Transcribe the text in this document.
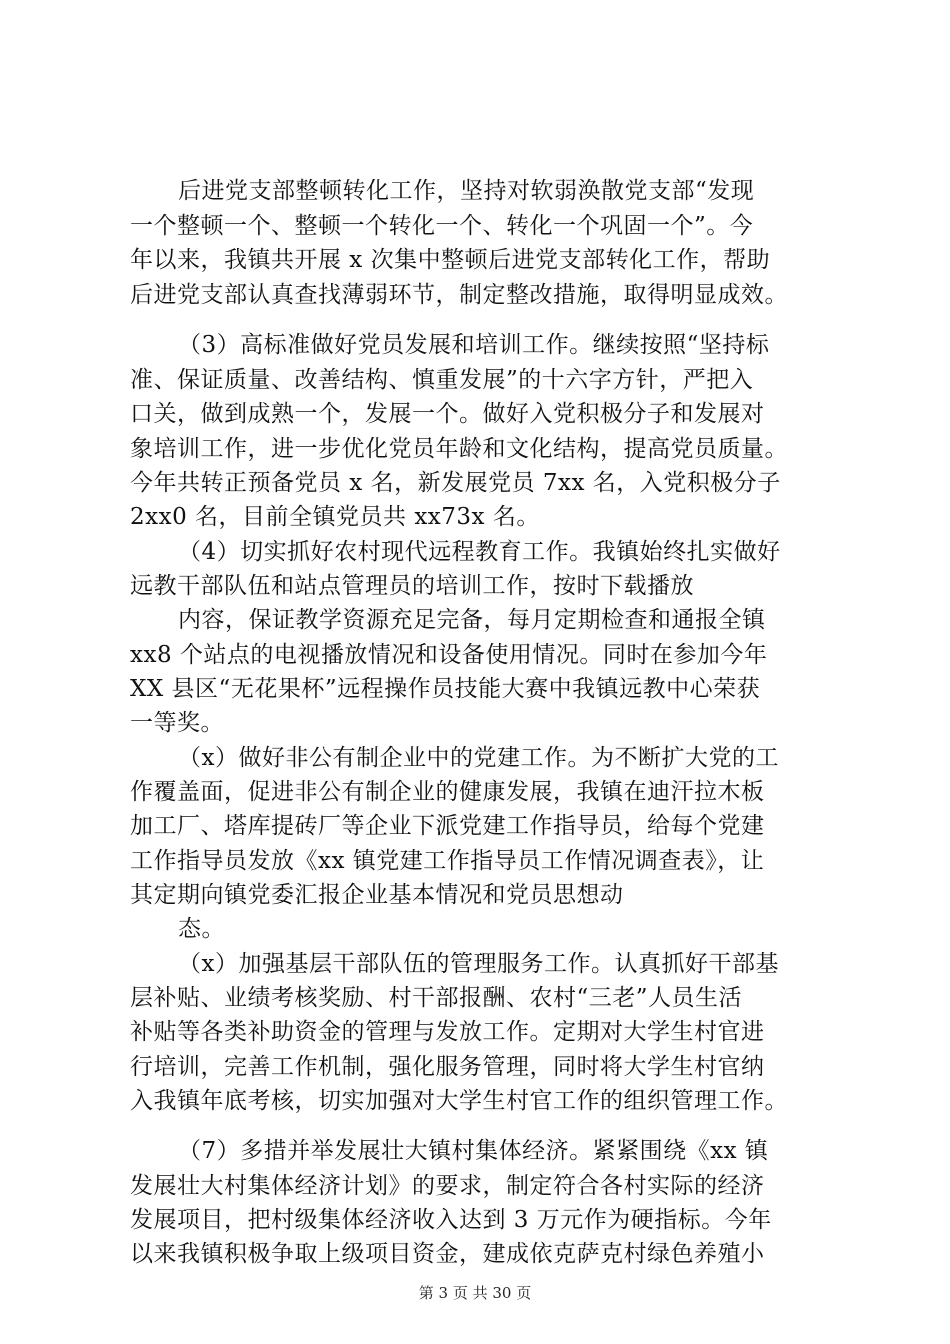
后进党支部整顿转化工作，坚持对软弱涣散党支部“发现
一个整顿一个、整顿一个转化一个、转化一个巩固一个”。今
年以来，我镇共开展 x 次集中整顿后进党支部转化工作，帮助
后进党支部认真查找薄弱环节，制定整改措施，取得明显成效。
（3）高标准做好党员发展和培训工作。继续按照“坚持标
准、保证质量、改善结构、慎重发展”的十六字方针，严把入
口关，做到成熟一个，发展一个。做好入党积极分子和发展对
象培训工作，进一步优化党员年龄和文化结构，提高党员质量。
今年共转正预备党员 x 名，新发展党员 7xx 名，入党积极分子
2xx0 名，目前全镇党员共 xx73x 名。
（4）切实抓好农村现代远程教育工作。我镇始终扎实做好
远教干部队伍和站点管理员的培训工作，按时下载播放
内容，保证教学资源充足完备，每月定期检查和通报全镇
xx8 个站点的电视播放情况和设备使用情况。同时在参加今年
XX 县区“无花果杯”远程操作员技能大赛中我镇远教中心荣获
一等奖。
（x）做好非公有制企业中的党建工作。为不断扩大党的工
作覆盖面，促进非公有制企业的健康发展，我镇在迪汗拉木板
加工厂、塔库提砖厂等企业下派党建工作指导员，给每个党建
工作指导员发放《xx 镇党建工作指导员工作情况调查表》，让
其定期向镇党委汇报企业基本情况和党员思想动
态。
（x）加强基层干部队伍的管理服务工作。认真抓好干部基
层补贴、业绩考核奖励、村干部报酬、农村“三老”人员生活
补贴等各类补助资金的管理与发放工作。定期对大学生村官进
行培训，完善工作机制，强化服务管理，同时将大学生村官纳
入我镇年底考核，切实加强对大学生村官工作的组织管理工作。
（7）多措并举发展壮大镇村集体经济。紧紧围绕《xx 镇
发展壮大村集体经济计划》的要求，制定符合各村实际的经济
发展项目，把村级集体经济收入达到 3 万元作为硬指标。今年
以来我镇积极争取上级项目资金，建成依克萨克村绿色养殖小
第 3 页 共 30 页
